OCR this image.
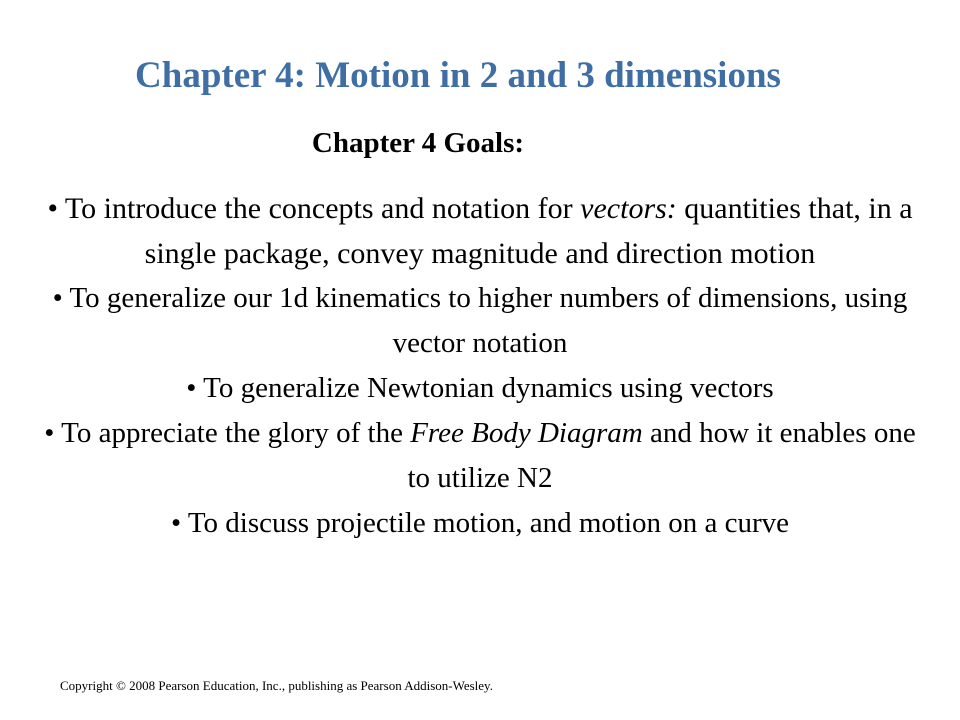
Chapter 4: Motion in 2 and 3 dimensions
Chapter 4 Goals:
• To introduce the concepts and notation for vectors: quantities that, in a single package, convey magnitude and direction motion
• To generalize our 1d kinematics to higher numbers of dimensions, using vector notation
• To generalize Newtonian dynamics using vectors
• To appreciate the glory of the Free Body Diagram and how it enables one to utilize N2
• To discuss projectile motion, and motion on a curve

Copyright © 2008 Pearson Education, Inc., publishing as Pearson Addison-Wesley.
